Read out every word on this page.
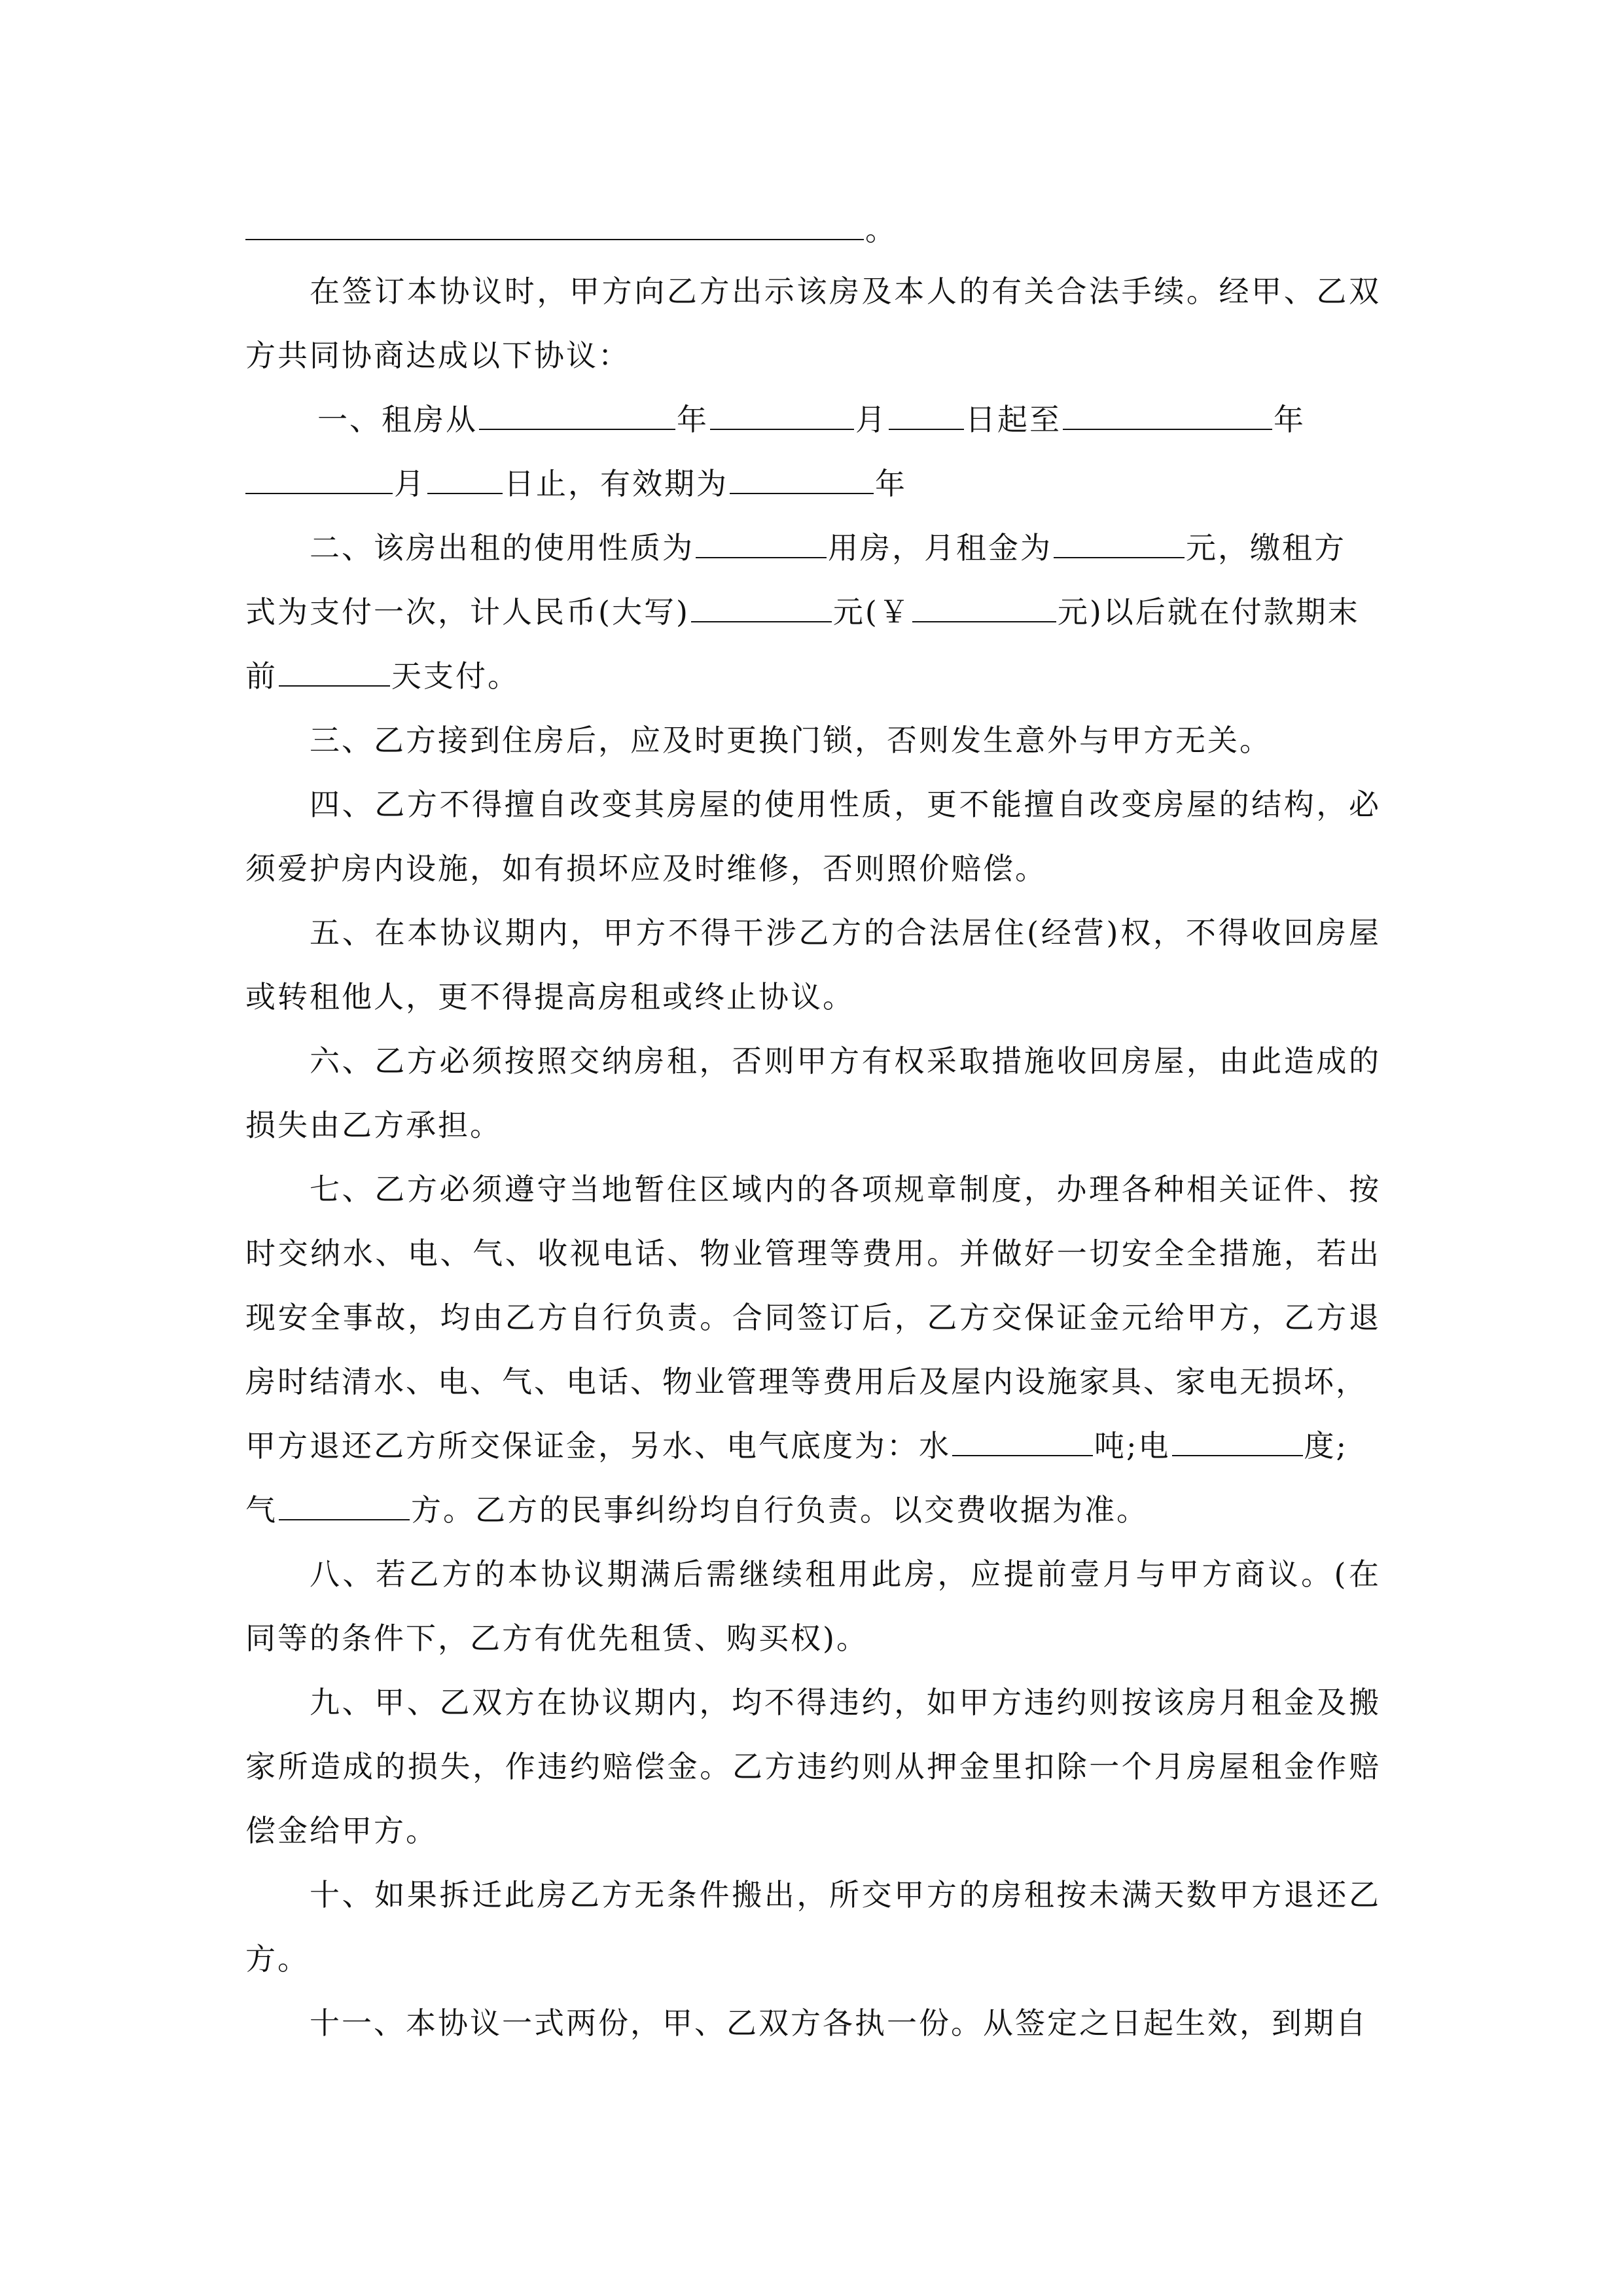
。
在签订本协议时，甲方向乙方出示该房及本人的有关合法手续。经甲、乙双方共同协商达成以下协议：
一、租房从	年	月	日起至	年
月	日止，有效期为	年
二、该房出租的使用性质为	用房，月租金为	元，缴租方
式为支付一次，计人民币(大写)	元(￥	元)以后就在付款期末
前	天支付。
三、乙方接到住房后，应及时更换门锁，否则发生意外与甲方无关。
四、乙方不得擅自改变其房屋的使用性质，更不能擅自改变房屋的结构，必须爱护房内设施，如有损坏应及时维修，否则照价赔偿。
五、在本协议期内，甲方不得干涉乙方的合法居住(经营)权，不得收回房屋或转租他人，更不得提高房租或终止协议。
六、乙方必须按照交纳房租，否则甲方有权采取措施收回房屋，由此造成的损失由乙方承担。
七、乙方必须遵守当地暂住区域内的各项规章制度，办理各种相关证件、按时交纳水、电、气、收视电话、物业管理等费用。并做好一切安全全措施，若出现安全事故，均由乙方自行负责。合同签订后，乙方交保证金元给甲方，乙方退房时结清水、电、气、电话、物业管理等费用后及屋内设施家具、家电无损坏，
甲方退还乙方所交保证金，另水、电气底度为：水	吨;电	度;
气	方。乙方的民事纠纷均自行负责。以交费收据为准。
八、若乙方的本协议期满后需继续租用此房，应提前壹月与甲方商议。(在同等的条件下，乙方有优先租赁、购买权)。
九、甲、乙双方在协议期内，均不得违约，如甲方违约则按该房月租金及搬家所造成的损失，作违约赔偿金。乙方违约则从押金里扣除一个月房屋租金作赔偿金给甲方。
十、如果拆迁此房乙方无条件搬出，所交甲方的房租按未满天数甲方退还乙方。
十一、本协议一式两份，甲、乙双方各执一份。从签定之日起生效，到期自
